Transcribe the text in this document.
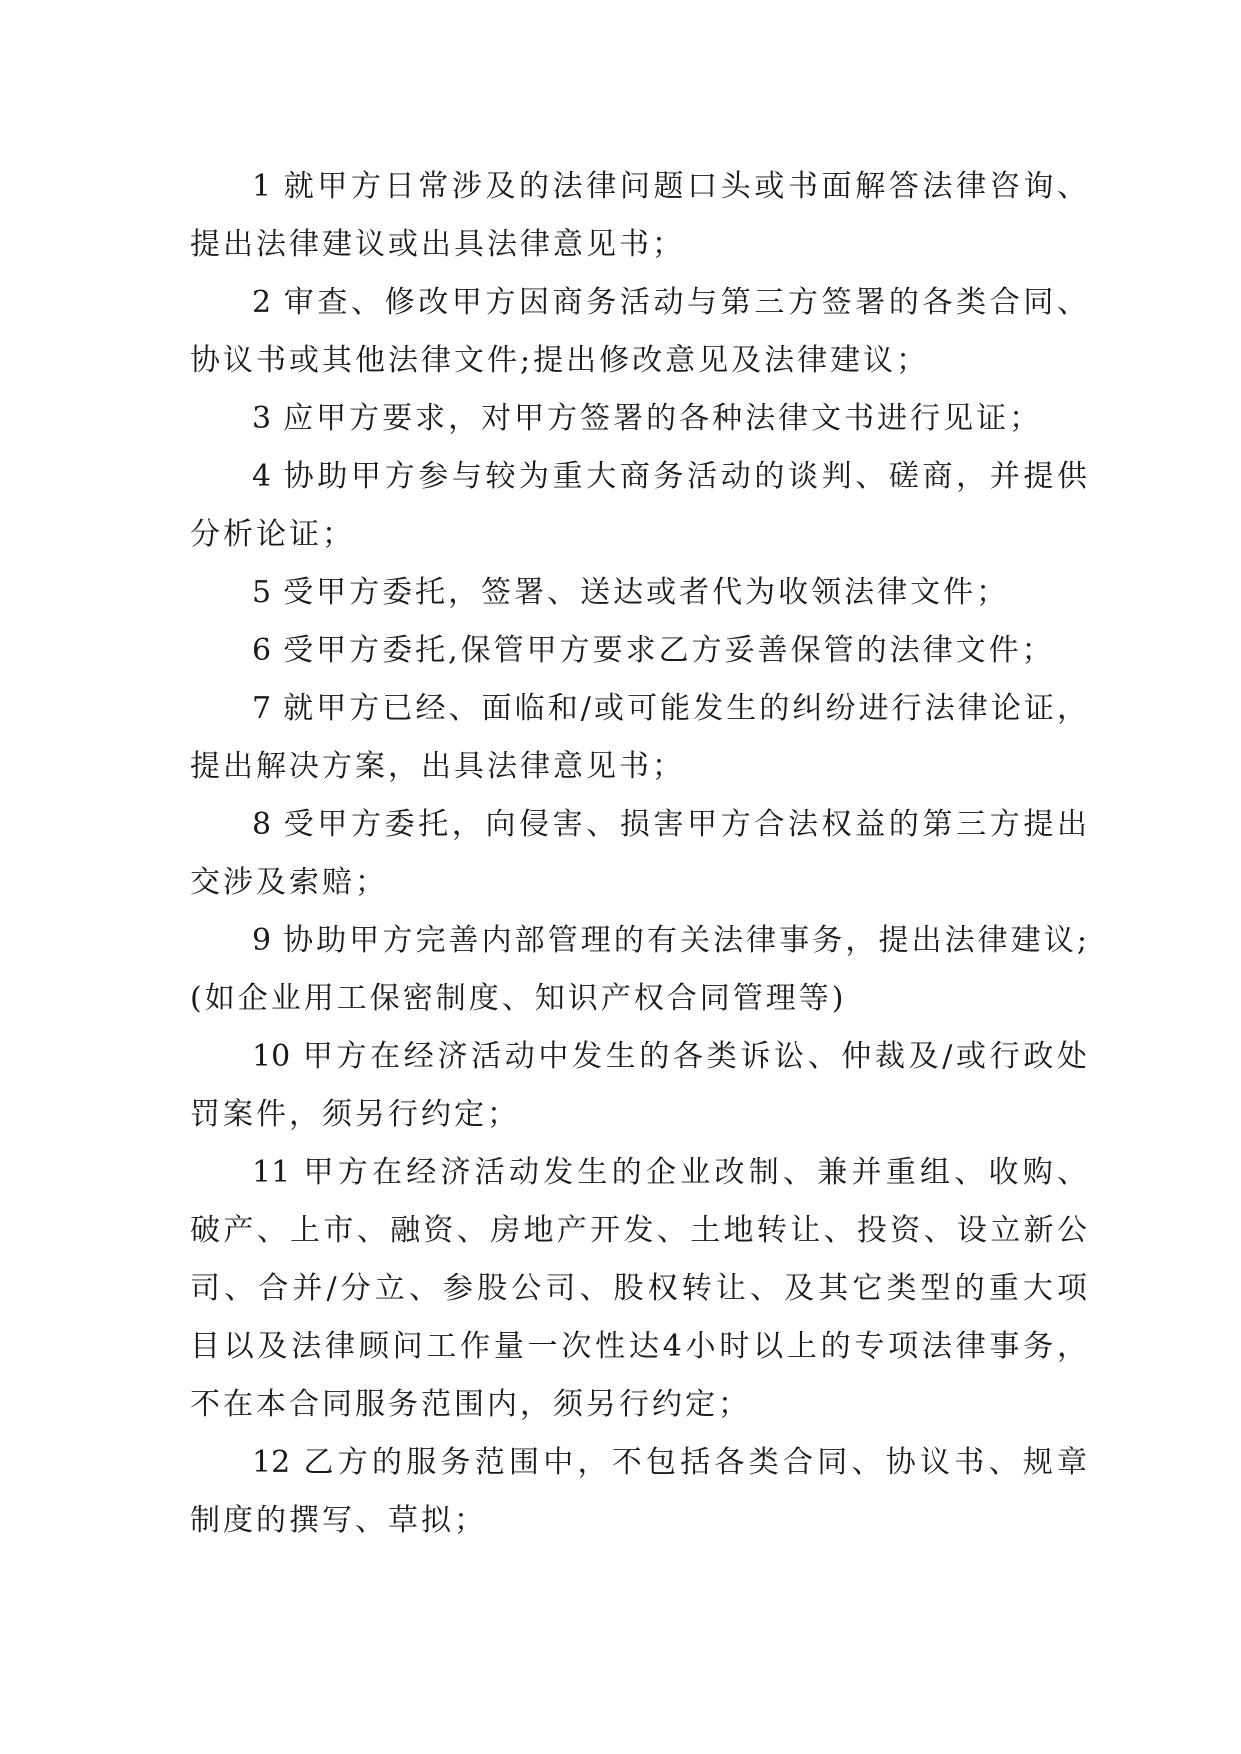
1 就甲方日常涉及的法律问题口头或书面解答法律咨询、提出法律建议或出具法律意见书；

2 审查、修改甲方因商务活动与第三方签署的各类合同、协议书或其他法律文件;提出修改意见及法律建议；

3 应甲方要求，对甲方签署的各种法律文书进行见证；

4 协助甲方参与较为重大商务活动的谈判、磋商，并提供分析论证；

5 受甲方委托，签署、送达或者代为收领法律文件；

6 受甲方委托,保管甲方要求乙方妥善保管的法律文件；

7 就甲方已经、面临和/或可能发生的纠纷进行法律论证，提出解决方案，出具法律意见书；

8 受甲方委托，向侵害、损害甲方合法权益的第三方提出交涉及索赔；

9 协助甲方完善内部管理的有关法律事务，提出法律建议;(如企业用工保密制度、知识产权合同管理等)

10 甲方在经济活动中发生的各类诉讼、仲裁及/或行政处罚案件，须另行约定；

11 甲方在经济活动发生的企业改制、兼并重组、收购、破产、上市、融资、房地产开发、土地转让、投资、设立新公司、合并/分立、参股公司、股权转让、及其它类型的重大项目以及法律顾问工作量一次性达4小时以上的专项法律事务，不在本合同服务范围内，须另行约定；

12 乙方的服务范围中，不包括各类合同、协议书、规章制度的撰写、草拟；
